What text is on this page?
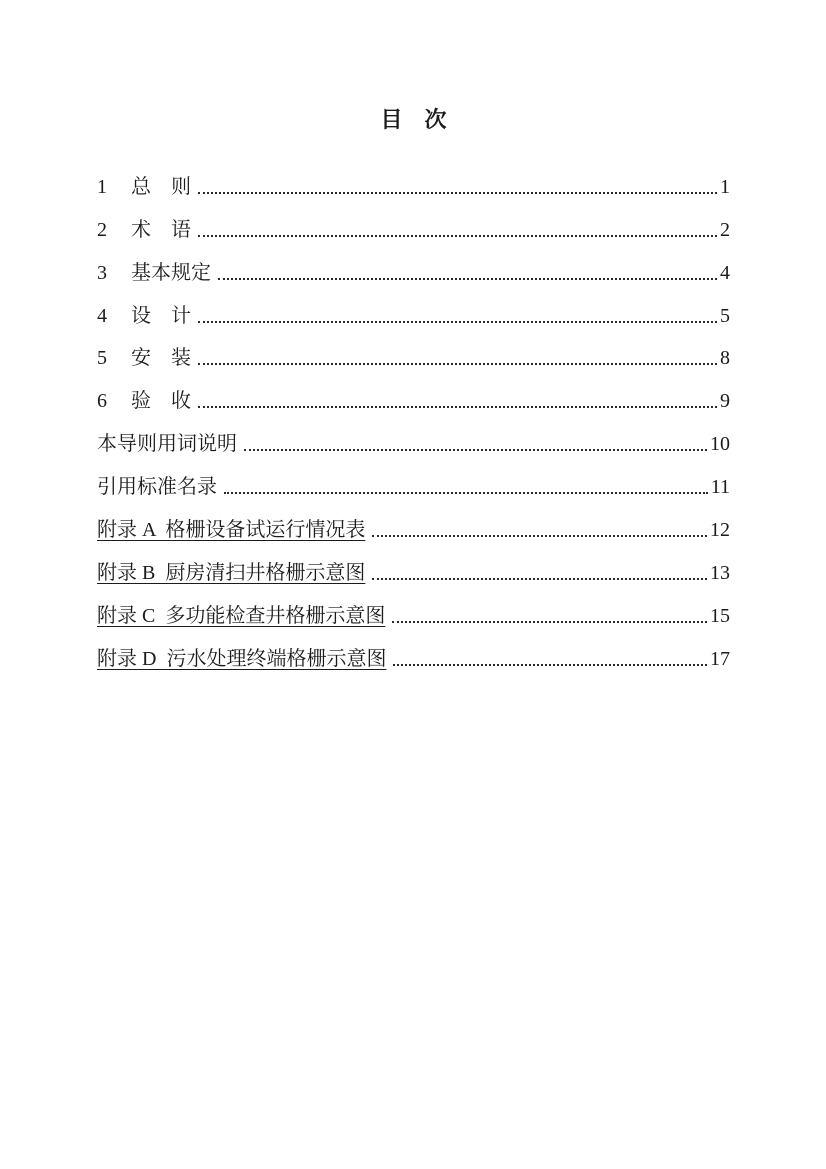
目　次
1	总　则	1
2	术　语	2
3	基本规定	4
4	设　计	5
5	安　装	8
6	验　收	9
本导则用词说明	10
引用标准名录	11
附录 A  格栅设备试运行情况表	12
附录 B  厨房清扫井格栅示意图	13
附录 C  多功能检查井格栅示意图	15
附录 D  污水处理终端格栅示意图	17
